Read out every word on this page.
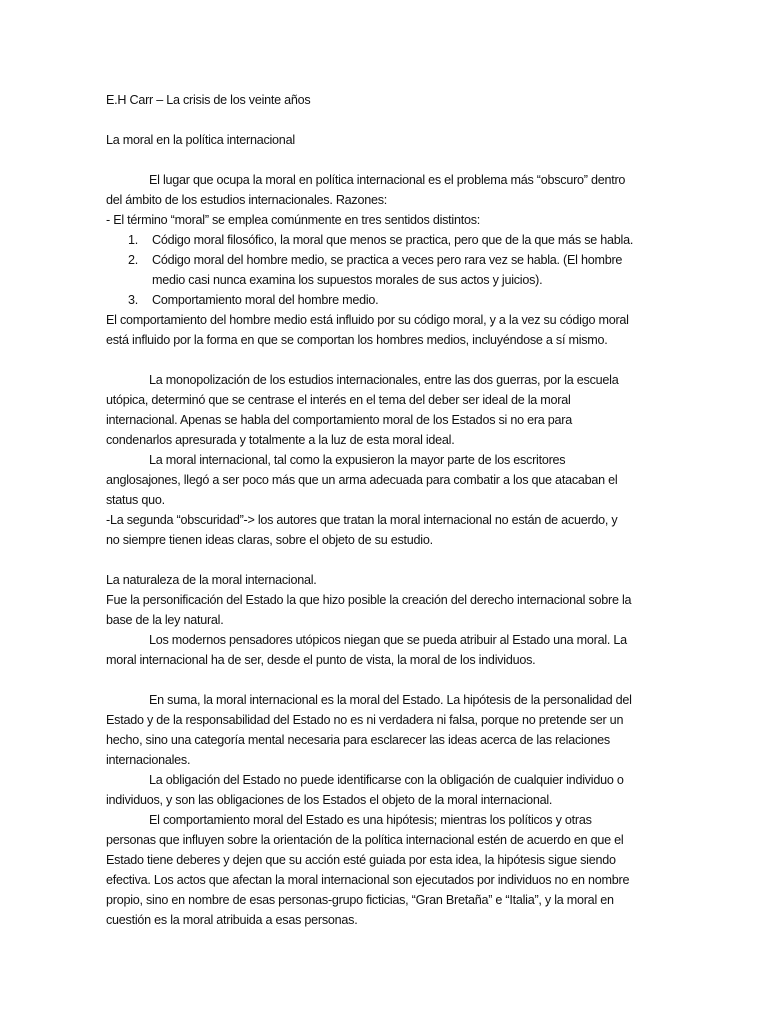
E.H Carr – La crisis de los veinte años
La moral en la política internacional
El lugar que ocupa la moral en política internacional es el problema más “obscuro” dentro
del ámbito de los estudios internacionales. Razones:
- El término “moral” se emplea comúnmente en tres sentidos distintos:
1. Código moral filosófico, la moral que menos se practica, pero que de la que más se habla.
2. Código moral del hombre medio, se practica a veces pero rara vez se habla. (El hombre
medio casi nunca examina los supuestos morales de sus actos y juicios).
3. Comportamiento moral del hombre medio.
El comportamiento del hombre medio está influido por su código moral, y a la vez su código moral
está influido por la forma en que se comportan los hombres medios, incluyéndose a sí mismo.
La monopolización de los estudios internacionales, entre las dos guerras, por la escuela
utópica, determinó que se centrase el interés en el tema del deber ser ideal de la moral
internacional. Apenas se habla del comportamiento moral de los Estados si no era para
condenarlos apresurada y totalmente a la luz de esta moral ideal.
La moral internacional, tal como la expusieron la mayor parte de los escritores
anglosajones, llegó a ser poco más que un arma adecuada para combatir a los que atacaban el
status quo.
-La segunda “obscuridad”-> los autores que tratan la moral internacional no están de acuerdo, y
no siempre tienen ideas claras, sobre el objeto de su estudio.
La naturaleza de la moral internacional.
Fue la personificación del Estado la que hizo posible la creación del derecho internacional sobre la
base de la ley natural.
Los modernos pensadores utópicos niegan que se pueda atribuir al Estado una moral. La
moral internacional ha de ser, desde el punto de vista, la moral de los individuos.
En suma, la moral internacional es la moral del Estado. La hipótesis de la personalidad del
Estado y de la responsabilidad del Estado no es ni verdadera ni falsa, porque no pretende ser un
hecho, sino una categoría mental necesaria para esclarecer las ideas acerca de las relaciones
internacionales.
La obligación del Estado no puede identificarse con la obligación de cualquier individuo o
individuos, y son las obligaciones de los Estados el objeto de la moral internacional.
El comportamiento moral del Estado es una hipótesis; mientras los políticos y otras
personas que influyen sobre la orientación de la política internacional estén de acuerdo en que el
Estado tiene deberes y dejen que su acción esté guiada por esta idea, la hipótesis sigue siendo
efectiva. Los actos que afectan la moral internacional son ejecutados por individuos no en nombre
propio, sino en nombre de esas personas-grupo ficticias, “Gran Bretaña” e “Italia”, y la moral en
cuestión es la moral atribuida a esas personas.
